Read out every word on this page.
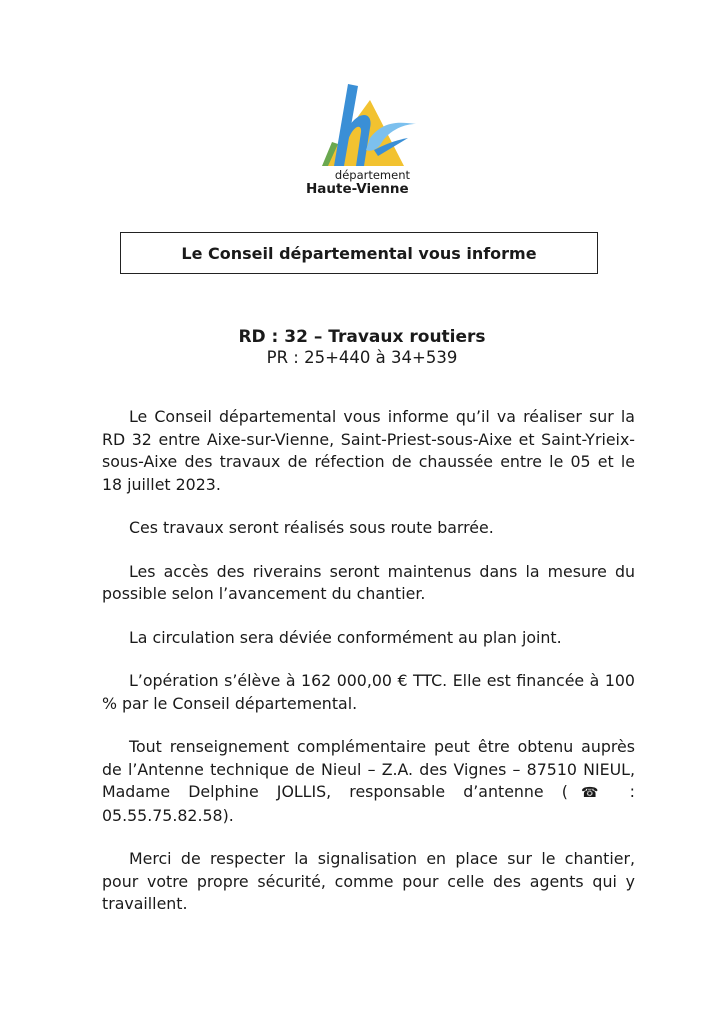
département
Haute-Vienne
Le Conseil départemental vous informe
RD : 32 – Travaux routiers
PR : 25+440 à 34+539

Le Conseil départemental vous informe qu’il va réaliser sur la RD 32 entre Aixe-sur-Vienne, Saint-Priest-sous-Aixe et Saint-Yrieix-sous-Aixe des travaux de réfection de chaussée entre le 05 et le 18 juillet 2023.

Ces travaux seront réalisés sous route barrée.

Les accès des riverains seront maintenus dans la mesure du possible selon l’avancement du chantier.

La circulation sera déviée conformément au plan joint.

L’opération s’élève à 162 000,00 € TTC. Elle est financée à 100 % par le Conseil départemental.

Tout renseignement complémentaire peut être obtenu auprès de l’Antenne technique de Nieul – Z.A. des Vignes – 87510 NIEUL, Madame Delphine JOLLIS, responsable d’antenne (☎ : 05.55.75.82.58).

Merci de respecter la signalisation en place sur le chantier, pour votre propre sécurité, comme pour celle des agents qui y travaillent.
